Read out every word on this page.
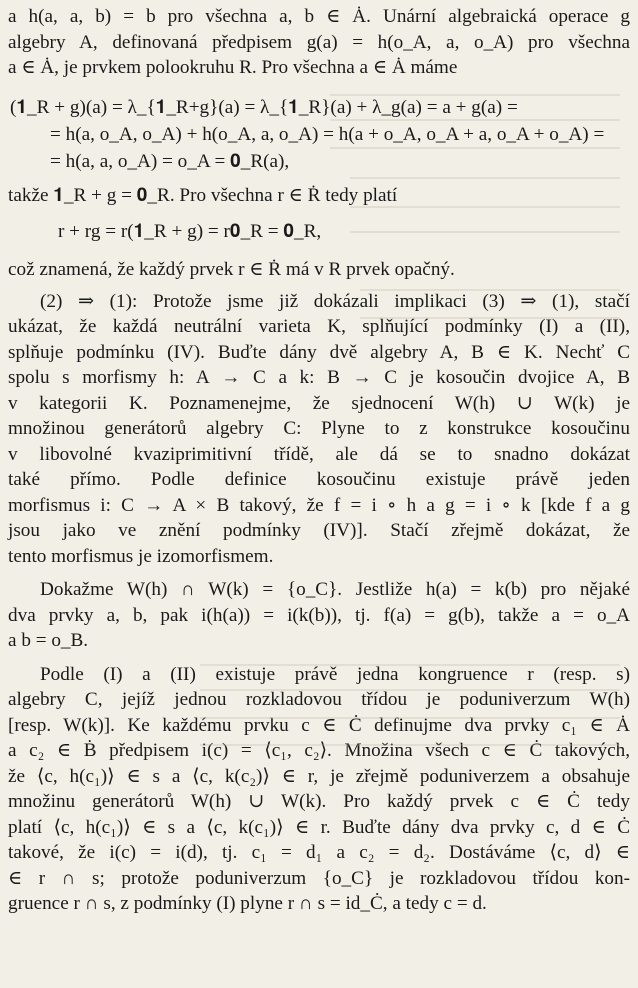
a h(a, a, b) = b pro všechna a, b ∈ Ȧ. Unární algebraická operace g

algebry A, definovaná předpisem g(a) = h(o_A, a, o_A) pro všechna

a ∈ Ȧ, je prvkem polookruhu R. Pro všechna a ∈ Ȧ máme

(𝟏_R + g)(a) = λ_{𝟏_R+g}(a) = λ_{𝟏_R}(a) + λ_g(a) = a + g(a) =
= h(a, o_A, o_A) + h(o_A, a, o_A) = h(a + o_A, o_A + a, o_A + o_A) =
= h(a, a, o_A) = o_A = 𝟎_R(a),

takže 𝟏_R + g = 𝟎_R. Pro všechna r ∈ Ṙ tedy platí

r + rg = r(𝟏_R + g) = r𝟎_R = 𝟎_R,

což znamená, že každý prvek r ∈ Ṙ má v R prvek opačný.

(2) ⇒ (1): Protože jsme již dokázali implikaci (3) ⇒ (1), stačí

ukázat, že každá neutrální varieta K, splňující podmínky (I) a (II),

splňuje podmínku (IV). Buďte dány dvě algebry A, B ∈ K. Nechť C

spolu s morfismy h: A → C a k: B → C je kosoučin dvojice A, B

v kategorii K. Poznamenejme, že sjednocení W(h) ∪ W(k) je

množinou generátorů algebry C: Plyne to z konstrukce kosoučinu

v libovolné kvaziprimitivní třídě, ale dá se to snadno dokázat

také přímo. Podle definice kosoučinu existuje právě jeden

morfismus i: C → A × B takový, že f = i ∘ h a g = i ∘ k [kde f a g

jsou jako ve znění podmínky (IV)]. Stačí zřejmě dokázat, že

tento morfismus je izomorfismem.

Dokažme W(h) ∩ W(k) = {o_C}. Jestliže h(a) = k(b) pro nějaké

dva prvky a, b, pak i(h(a)) = i(k(b)), tj. f(a) = g(b), takže a = o_A

a b = o_B.

Podle (I) a (II) existuje právě jedna kongruence r (resp. s)

algebry C, jejíž jednou rozkladovou třídou je poduniverzum W(h)

[resp. W(k)]. Ke každému prvku c ∈ Ċ definujme dva prvky c₁ ∈ Ȧ

a c₂ ∈ Ḃ předpisem i(c) = ⟨c₁, c₂⟩. Množina všech c ∈ Ċ takových,

že ⟨c, h(c₁)⟩ ∈ s a ⟨c, k(c₂)⟩ ∈ r, je zřejmě poduniverzem a obsahuje

množinu generátorů W(h) ∪ W(k). Pro každý prvek c ∈ Ċ tedy

platí ⟨c, h(c₁)⟩ ∈ s a ⟨c, k(c₁)⟩ ∈ r. Buďte dány dva prvky c, d ∈ Ċ

takové, že i(c) = i(d), tj. c₁ = d₁ a c₂ = d₂. Dostáváme ⟨c, d⟩ ∈

∈ r ∩ s; protože poduniverzum {o_C} je rozkladovou třídou kon-

gruence r ∩ s, z podmínky (I) plyne r ∩ s = id_Ċ, a tedy c = d.
